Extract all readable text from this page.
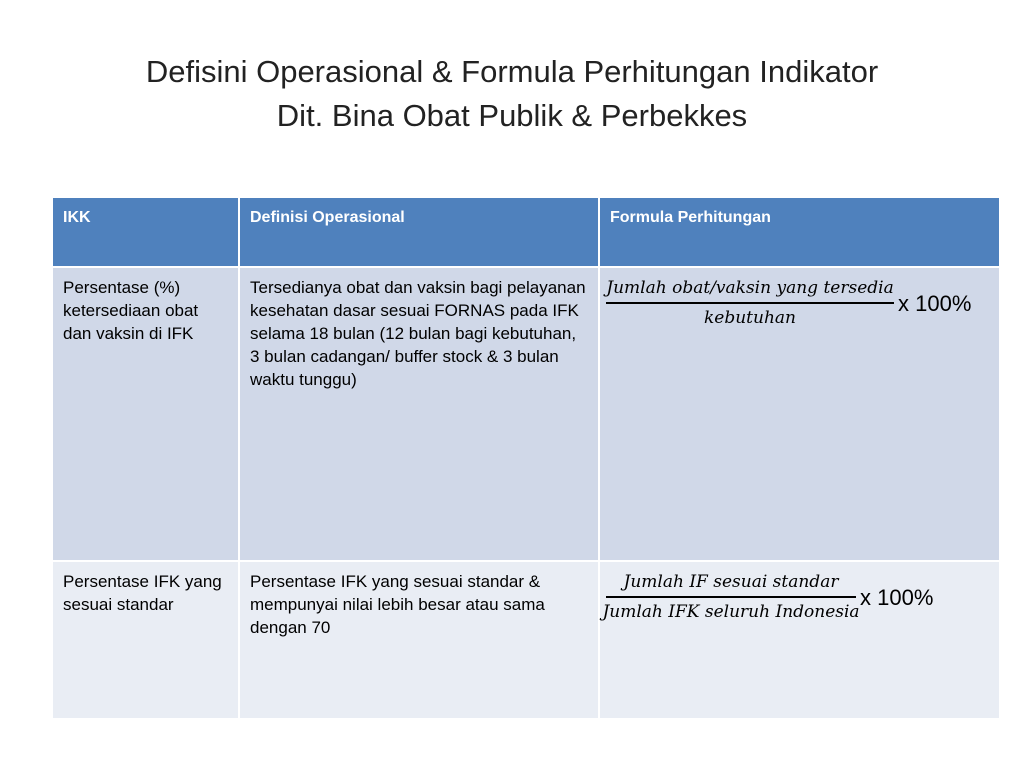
Defisini Operasional & Formula Perhitungan Indikator
Dit. Bina Obat Publik & Perbekkes
IKK	Definisi Operasional	Formula Perhitungan
Persentase (%) ketersediaan obat dan vaksin di IFK	Tersedianya obat dan vaksin bagi pelayanan kesehatan dasar sesuai FORNAS pada IFK selama 18 bulan (12 bulan bagi kebutuhan, 3 bulan cadangan/ buffer stock & 3 bulan waktu tunggu)	$\frac{\text{Jumlah obat/vaksin yang tersedia}}{\text{kebutuhan}}$ x 100%

Persentase IFK yang sesuai standar	Persentase IFK yang sesuai standar & mempunyai nilai lebih besar atau sama dengan 70	$\frac{\text{Jumlah IF sesuai standar}}{\text{Jumlah IFK seluruh Indonesia}}$ x 100%
